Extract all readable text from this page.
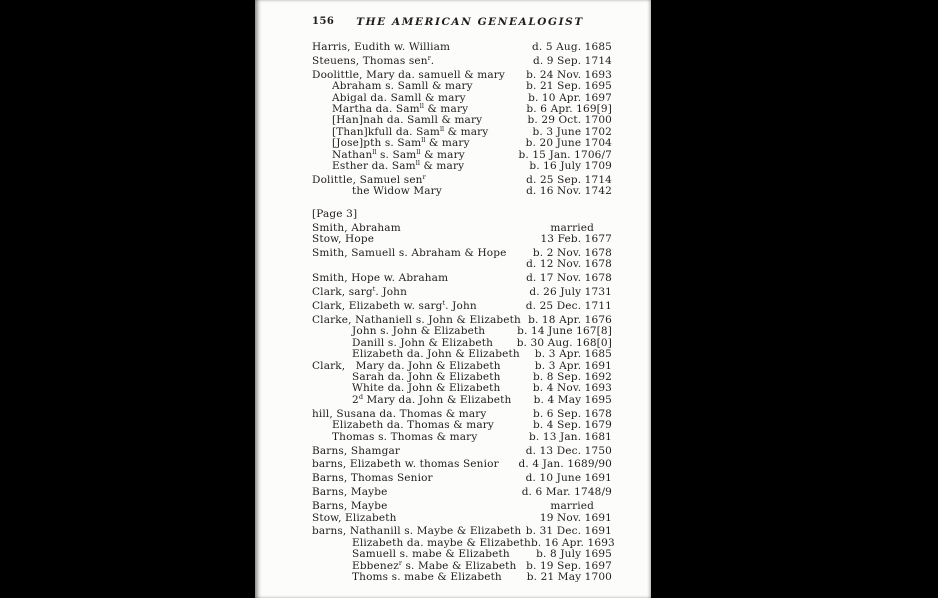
156	THE AMERICAN GENEALOGIST
Harris, Eudith w. William	d. 5 Aug. 1685
Steuens, Thomas sen$^r$.	d. 9 Sep. 1714
Doolittle, Mary da. samuell & mary b. 24 Nov. 1693
Abraham s. Samll & mary	b. 21 Sep. 1695
Abigal da. Samll & mary	b. 10 Apr. 1697
Martha da. Sam$^{ll}$ & mary	b. 6 Apr. 169[9]
[Han]nah da. Samll & mary	b. 29 Oct. 1700
[Than]kfull da. Sam$^{ll}$ & mary	b. 3 June 1702
[Jose]pth s. Sam$^{ll}$ & mary	b. 20 June 1704
Nathan$^{ll}$ s. Sam$^{ll}$ & mary	b. 15 Jan. 1706/7
Esther da. Sam$^{ll}$ & mary	b. 16 July 1709
Dolittle, Samuel sen$^r$	d. 25 Sep. 1714
the Widow Mary	d. 16 Nov. 1742
[Page 3]
Smith, Abraham	married
Stow, Hope	13 Feb. 1677
Smith, Samuell s. Abraham & Hope	b. 2 Nov. 1678
d. 12 Nov. 1678
Smith, Hope w. Abraham	d. 17 Nov. 1678
Clark, sarg$^t$. John	d. 26 July 1731
Clark, Elizabeth w. sarg$^t$. John	d. 25 Dec. 1711
Clarke, Nathaniell s. John & Elizabeth b. 18 Apr. 1676
John s. John & Elizabeth	b. 14 June 167[8]
Danill s. John & Elizabeth b. 30 Aug. 168[0]
Elizabeth da. John & Elizabeth b. 3 Apr. 1685
Clark,   Mary da. John & Elizabeth	b. 3 Apr. 1691
Sarah da. John & Elizabeth	b. 8 Sep. 1692
White da. John & Elizabeth	b. 4 Nov. 1693
2$^d$ Mary da. John & Elizabeth b. 4 May 1695
hill, Susana da. Thomas & mary	b. 6 Sep. 1678
Elizabeth da. Thomas & mary	b. 4 Sep. 1679
Thomas s. Thomas & mary	b. 13 Jan. 1681
Barns, Shamgar	d. 13 Dec. 1750
barns, Elizabeth w. thomas Senior d. 4 Jan. 1689/90
Barns, Thomas Senior	d. 10 June 1691
Barns, Maybe	d. 6 Mar. 1748/9
Barns, Maybe	married
Stow, Elizabeth	19 Nov. 1691
barns, Nathanill s. Maybe & Elizabeth b. 31 Dec. 1691
Elizabeth da. maybe & Elizabeth b. 16 Apr. 1693
Samuell s. mabe & Elizabeth	b. 8 July 1695
Ebbenez$^r$ s. Mabe & Elizabeth b. 19 Sep. 1697
Thoms s. mabe & Elizabeth b. 21 May 1700
